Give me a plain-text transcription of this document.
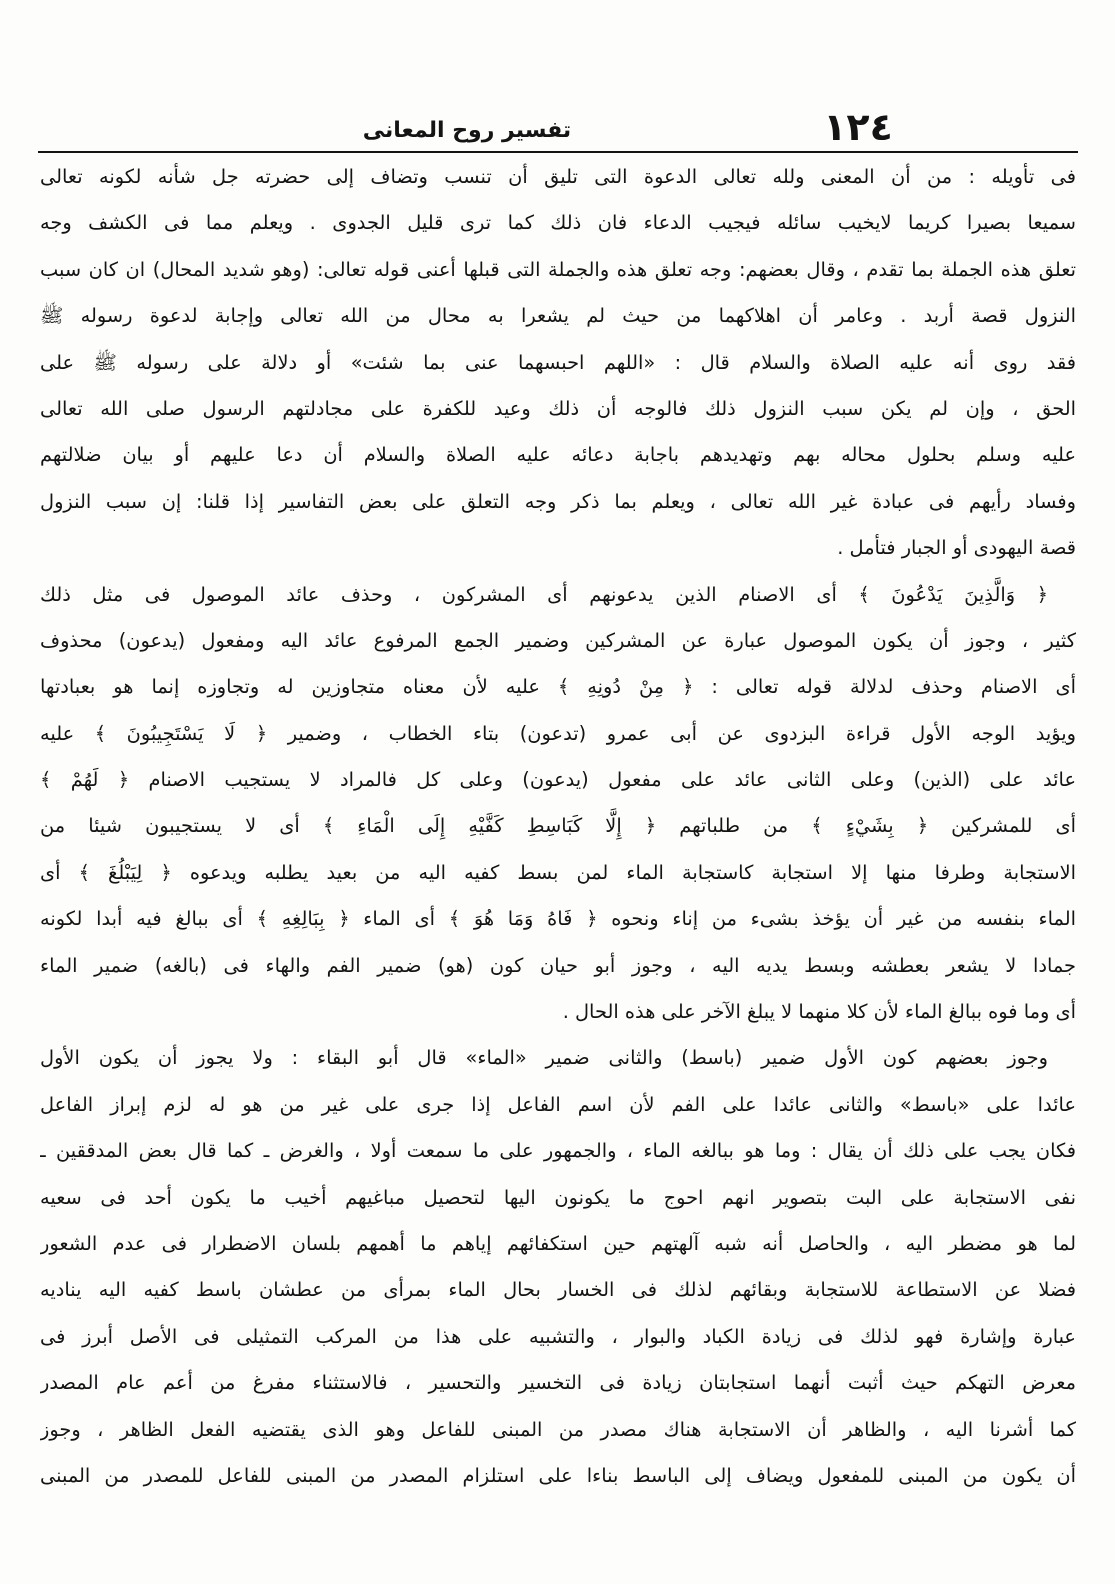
١٢٤
تفسير روح المعانى
فى تأويله : من أن المعنى ولله تعالى الدعوة التى تليق أن تنسب وتضاف إلى حضرته جل شأنه لكونه تعالى
سميعا بصيرا كريما لايخيب سائله فيجيب الدعاء فان ذلك كما ترى قليل الجدوى . ويعلم مما فى الكشف وجه
تعلق هذه الجملة بما تقدم ، وقال بعضهم: وجه تعلق هذه والجملة التى قبلها أعنى قوله تعالى: (وهو شديد المحال) ان كان سبب
النزول قصة أربد . وعامر أن اهلاكهما من حيث لم يشعرا به محال من الله تعالى وإجابة لدعوة رسوله ﷺ
فقد روى أنه عليه الصلاة والسلام قال : «اللهم احبسهما عنى بما شئت» أو دلالة على رسوله ﷺ على
الحق ، وإن لم يكن سبب النزول ذلك فالوجه أن ذلك وعيد للكفرة على مجادلتهم الرسول صلى الله تعالى
عليه وسلم بحلول محاله بهم وتهديدهم باجابة دعائه عليه الصلاة والسلام أن دعا عليهم أو بيان ضلالتهم
وفساد رأيهم فى عبادة غير الله تعالى ، ويعلم بما ذكر وجه التعلق على بعض التفاسير إذا قلنا: إن سبب النزول
قصة اليهودى أو الجبار فتأمل .
﴿ وَالَّذِينَ يَدْعُونَ ﴾ أى الاصنام الذين يدعونهم أى المشركون ، وحذف عائد الموصول فى مثل ذلك
كثير ، وجوز أن يكون الموصول عبارة عن المشركين وضمير الجمع المرفوع عائد اليه ومفعول (يدعون) محذوف
أى الاصنام وحذف لدلالة قوله تعالى : ﴿ مِنْ دُونِهِ ﴾ عليه لأن معناه متجاوزين له وتجاوزه إنما هو بعبادتها
ويؤيد الوجه الأول قراءة البزدوى عن أبى عمرو (تدعون) بتاء الخطاب ، وضمير ﴿ لَا يَسْتَجِيبُونَ ﴾ عليه
عائد على (الذين) وعلى الثانى عائد على مفعول (يدعون) وعلى كل فالمراد لا يستجيب الاصنام ﴿ لَهُمْ ﴾
أى للمشركين ﴿ بِشَيْءٍ ﴾ من طلباتهم ﴿ إِلَّا كَبَاسِطِ كَفَّيْهِ إِلَى الْمَاءِ ﴾ أى لا يستجيبون شيئا من
الاستجابة وطرفا منها إلا استجابة كاستجابة الماء لمن بسط كفيه اليه من بعيد يطلبه ويدعوه ﴿ لِيَبْلُغَ ﴾ أى
الماء بنفسه من غير أن يؤخذ بشىء من إناء ونحوه ﴿ فَاهُ وَمَا هُوَ ﴾ أى الماء ﴿ بِبَالِغِهِ ﴾ أى ببالغ فيه أبدا لكونه
جمادا لا يشعر بعطشه وبسط يديه اليه ، وجوز أبو حيان كون (هو) ضمير الفم والهاء فى (بالغه) ضمير الماء
أى وما فوه ببالغ الماء لأن كلا منهما لا يبلغ الآخر على هذه الحال .
وجوز بعضهم كون الأول ضمير (باسط) والثانى ضمير «الماء» قال أبو البقاء : ولا يجوز أن يكون الأول
عائدا على «باسط» والثانى عائدا على الفم لأن اسم الفاعل إذا جرى على غير من هو له لزم إبراز الفاعل
فكان يجب على ذلك أن يقال : وما هو ببالغه الماء ، والجمهور على ما سمعت أولا ، والغرض ـ كما قال بعض المدققين ـ
نفى الاستجابة على البت بتصوير انهم احوج ما يكونون اليها لتحصيل مباغيهم أخيب ما يكون أحد فى سعيه
لما هو مضطر اليه ، والحاصل أنه شبه آلهتهم حين استكفائهم إياهم ما أهمهم بلسان الاضطرار فى عدم الشعور
فضلا عن الاستطاعة للاستجابة وبقائهم لذلك فى الخسار بحال الماء بمرأى من عطشان باسط كفيه اليه يناديه
عبارة وإشارة فهو لذلك فى زيادة الكباد والبوار ، والتشبيه على هذا من المركب التمثيلى فى الأصل أبرز فى
معرض التهكم حيث أثبت أنهما استجابتان زيادة فى التخسير والتحسير ، فالاستثناء مفرغ من أعم عام المصدر
كما أشرنا اليه ، والظاهر أن الاستجابة هناك مصدر من المبنى للفاعل وهو الذى يقتضيه الفعل الظاهر ، وجوز
أن يكون من المبنى للمفعول ويضاف إلى الباسط بناءا على استلزام المصدر من المبنى للفاعل للمصدر من المبنى
